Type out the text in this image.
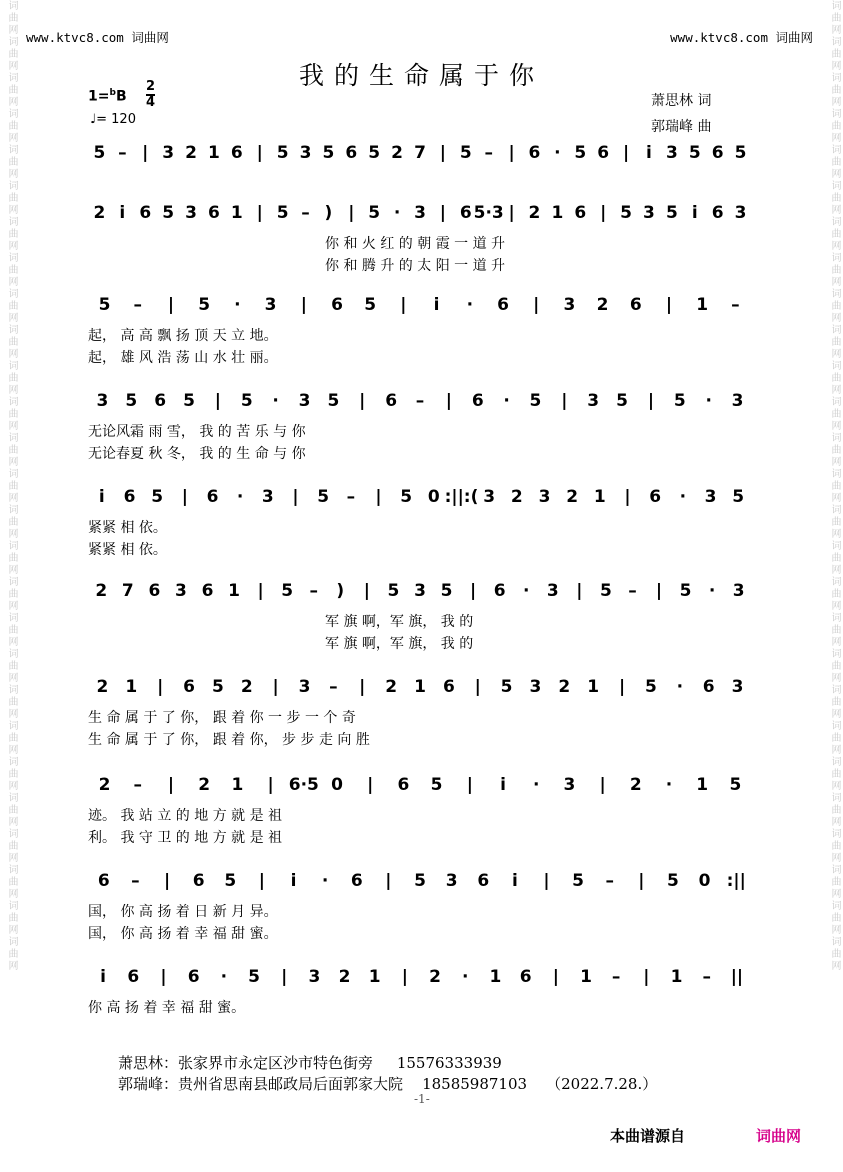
词曲网词曲网词曲网词曲网词曲网词曲网词曲网词曲网词曲网词曲网词曲网词曲网词曲网词曲网词曲网词曲网词曲网词曲网词曲网词曲网词曲网词曲网词曲网词曲网词曲网词曲网词曲网	词曲网词曲网词曲网词曲网词曲网词曲网词曲网词曲网词曲网词曲网词曲网词曲网词曲网词曲网词曲网词曲网词曲网词曲网词曲网词曲网词曲网词曲网词曲网词曲网词曲网词曲网词曲网
www.ktvc8.com 词曲网	www.ktvc8.com 词曲网
我的生命属于你
1=$^b$B
2
4
♩= 120
萧思林 词
郭瑞峰 曲
5 – | 3 2 1 6 | 5 3 5 6 5 2 7 | 5 – | 6 · 5 6 | i 3 5 6 5
2 i 6 5 3 6 1 | 5 – ) | 5 · 3 | 6 5·3 | 2 1 6 | 5 3 5 i 6 3
你 和 火 红 的 朝 霞 一 道 升
你 和 腾 升 的 太 阳 一 道 升
5 – | 5 · 3 | 6 5 | i · 6 | 3 2 6 | 1 –
起， 高 高 飘 扬 顶 天 立 地。
起， 雄 风 浩 荡 山 水 壮 丽。
3 5 6 5 | 5 · 3 5 | 6 – | 6 · 5 | 3 5 | 5 · 3
无论风霜 雨 雪， 我 的 苦 乐 与 你
无论春夏 秋 冬， 我 的 生 命 与 你
i 6 5 | 6 · 3 | 5 – | 5 0 :||:( 3 2 3 2 1 | 6 · 3 5
紧紧 相 依。
紧紧 相 依。
2 7 6 3 6 1 | 5 – ) | 5 3 5 | 6 · 3 | 5 – | 5 · 3
军 旗 啊，军 旗， 我 的
军 旗 啊，军 旗， 我 的
2 1 | 6 5 2 | 3 – | 2 1 6 | 5 3 2 1 | 5 · 6 3
生 命 属 于 了 你， 跟 着 你 一 步 一 个 奇
生 命 属 于 了 你， 跟 着 你， 步 步 走 向 胜
2 – | 2 1 | 6·5 0 | 6 5 | i · 3 | 2 · 1 5
迹。 我 站 立 的 地 方 就 是 祖
利。 我 守 卫 的 地 方 就 是 祖
6 – | 6 5 | i · 6 | 5 3 6 i | 5 – | 5 0 :||
国， 你 高 扬 着 日 新 月 异。
国， 你 高 扬 着 幸 福 甜 蜜。
i 6 | 6 · 5 | 3 2 1 | 2 · 1 6 | 1 – | 1 – ||
你 高 扬 着 幸 福 甜 蜜。
萧思林：张家界市永定区沙市特色街旁     15576333939
郭瑞峰：贵州省思南县邮政局后面郭家大院    18585987103    （2022.7.28.）
-1-
本曲谱源自	词曲网
